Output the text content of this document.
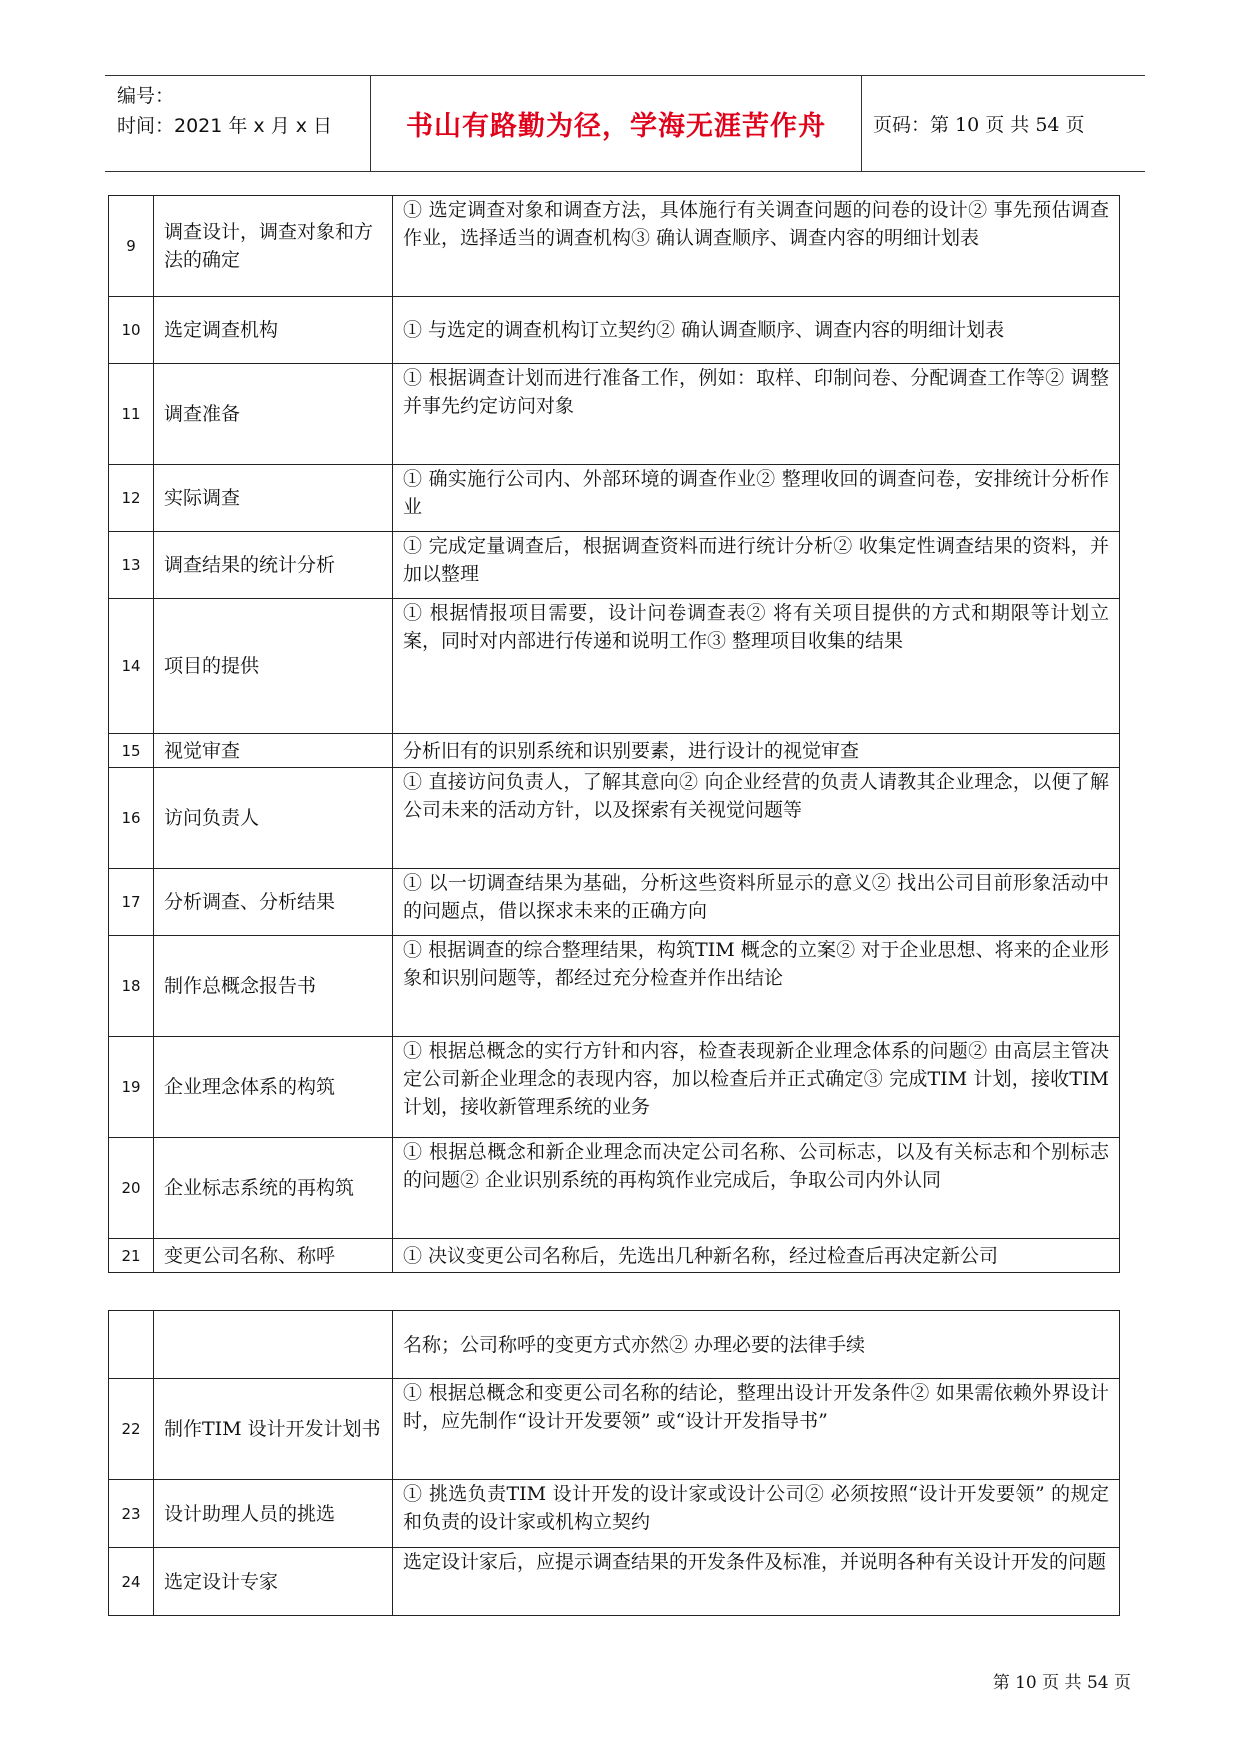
编号：
时间：2021 年 x 月 x 日	书山有路勤为径，学海无涯苦作舟	页码：第 10 页 共 54 页
9	调查设计，调查对象和方法的确定	① 选定调查对象和调查方法，具体施行有关调查问题的问卷的设计② 事先预估调查作业，选择适当的调查机构③ 确认调查顺序、调查内容的明细计划表
10	选定调查机构	① 与选定的调查机构订立契约② 确认调查顺序、调查内容的明细计划表
11	调查准备	① 根据调查计划而进行准备工作，例如：取样、印制问卷、分配调查工作等② 调整并事先约定访问对象
12	实际调查	① 确实施行公司内、外部环境的调查作业② 整理收回的调查问卷，安排统计分析作业
13	调查结果的统计分析	① 完成定量调查后，根据调查资料而进行统计分析② 收集定性调查结果的资料，并加以整理
14	项目的提供	① 根据情报项目需要，设计问卷调查表② 将有关项目提供的方式和期限等计划立案，同时对内部进行传递和说明工作③ 整理项目收集的结果
15	视觉审查	分析旧有的识别系统和识别要素，进行设计的视觉审查
16	访问负责人	① 直接访问负责人，了解其意向② 向企业经营的负责人请教其企业理念，以便了解公司未来的活动方针，以及探索有关视觉问题等
17	分析调查、分析结果	① 以一切调查结果为基础，分析这些资料所显示的意义② 找出公司目前形象活动中的问题点，借以探求未来的正确方向
18	制作总概念报告书	① 根据调查的综合整理结果，构筑TIM 概念的立案② 对于企业思想、将来的企业形象和识别问题等，都经过充分检查并作出结论
19	企业理念体系的构筑	① 根据总概念的实行方针和内容，检查表现新企业理念体系的问题② 由高层主管决定公司新企业理念的表现内容，加以检查后并正式确定③ 完成TIM 计划，接收TIM 计划，接收新管理系统的业务
20	企业标志系统的再构筑	① 根据总概念和新企业理念而决定公司名称、公司标志，以及有关标志和个别标志的问题② 企业识别系统的再构筑作业完成后，争取公司内外认同
21	变更公司名称、称呼	① 决议变更公司名称后，先选出几种新名称，经过检查后再决定新公司
		名称；公司称呼的变更方式亦然② 办理必要的法律手续
22	制作TIM 设计开发计划书	① 根据总概念和变更公司名称的结论，整理出设计开发条件② 如果需依赖外界设计时，应先制作“设计开发要领” 或“设计开发指导书”
23	设计助理人员的挑选	① 挑选负责TIM 设计开发的设计家或设计公司② 必须按照“设计开发要领” 的规定和负责的设计家或机构立契约
24	选定设计专家	选定设计家后，应提示调查结果的开发条件及标准，并说明各种有关设计开发的问题
第 10 页 共 54 页
